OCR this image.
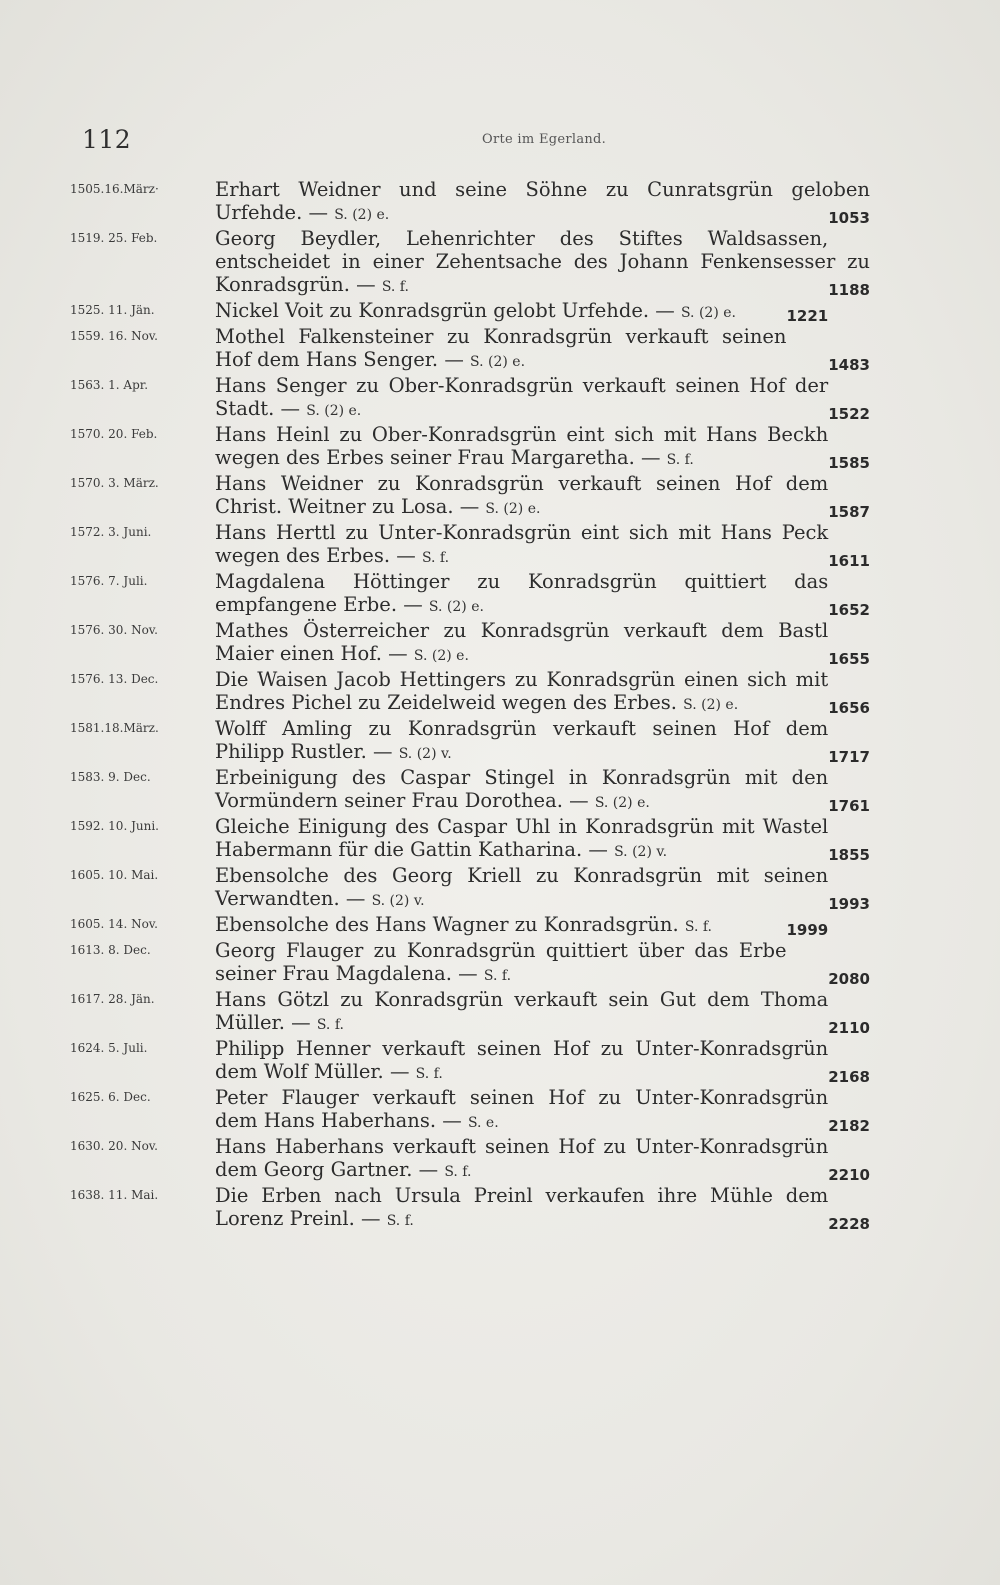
112	Orte im Egerland.
1505.16.März·	Erhart Weidner und seine Söhne zu Cunratsgrün geloben Urfehde. — S. (2) e.	1053
1519. 25. Feb.	Georg Beydler, Lehenrichter des Stiftes Waldsassen, entscheidet in einer Zehentsache des Johann Fenkensesser zu Konradsgrün. — S. f.	1188
1525. 11. Jän.	Nickel Voit zu Konradsgrün gelobt Urfehde. — S. (2) e.	1221
1559. 16. Nov.	Mothel Falkensteiner zu Konradsgrün verkauft seinen Hof dem Hans Senger. — S. (2) e.	1483
1563. 1. Apr.	Hans Senger zu Ober-Konradsgrün verkauft seinen Hof der Stadt. — S. (2) e.	1522
1570. 20. Feb.	Hans Heinl zu Ober-Konradsgrün eint sich mit Hans Beckh wegen des Erbes seiner Frau Margaretha. — S. f.	1585
1570. 3. März.	Hans Weidner zu Konradsgrün verkauft seinen Hof dem Christ. Weitner zu Losa. — S. (2) e.	1587
1572. 3. Juni.	Hans Herttl zu Unter-Konradsgrün eint sich mit Hans Peck wegen des Erbes. — S. f.	1611
1576. 7. Juli.	Magdalena Höttinger zu Konradsgrün quittiert das empfangene Erbe. — S. (2) e.	1652
1576. 30. Nov.	Mathes Österreicher zu Konradsgrün verkauft dem Bastl Maier einen Hof. — S. (2) e.	1655
1576. 13. Dec.	Die Waisen Jacob Hettingers zu Konradsgrün einen sich mit Endres Pichel zu Zeidelweid wegen des Erbes. S. (2) e.	1656
1581.18.März.	Wolff Amling zu Konradsgrün verkauft seinen Hof dem Philipp Rustler. — S. (2) v.	1717
1583. 9. Dec.	Erbeinigung des Caspar Stingel in Konradsgrün mit den Vormündern seiner Frau Dorothea. — S. (2) e.	1761
1592. 10. Juni.	Gleiche Einigung des Caspar Uhl in Konradsgrün mit Wastel Habermann für die Gattin Katharina. — S. (2) v.	1855
1605. 10. Mai.	Ebensolche des Georg Kriell zu Konradsgrün mit seinen Verwandten. — S. (2) v.	1993
1605. 14. Nov.	Ebensolche des Hans Wagner zu Konradsgrün. S. f.	1999
1613. 8. Dec.	Georg Flauger zu Konradsgrün quittiert über das Erbe seiner Frau Magdalena. — S. f.	2080
1617. 28. Jän.	Hans Götzl zu Konradsgrün verkauft sein Gut dem Thoma Müller. — S. f.	2110
1624. 5. Juli.	Philipp Henner verkauft seinen Hof zu Unter-Konradsgrün dem Wolf Müller. — S. f.	2168
1625. 6. Dec.	Peter Flauger verkauft seinen Hof zu Unter-Konradsgrün dem Hans Haberhans. — S. e.	2182
1630. 20. Nov.	Hans Haberhans verkauft seinen Hof zu Unter-Konradsgrün dem Georg Gartner. — S. f.	2210
1638. 11. Mai.	Die Erben nach Ursula Preinl verkaufen ihre Mühle dem Lorenz Preinl. — S. f.	2228
